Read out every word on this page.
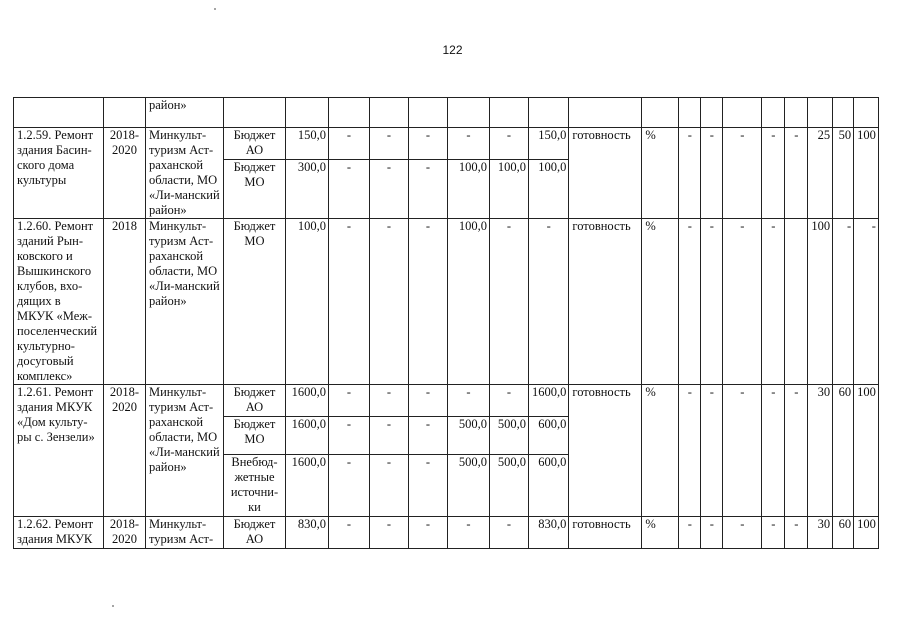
122
		район»																		
1.2.59. Ремонт здания Басин-ского дома культуры	2018-2020	Минкульт-туризм Аст-раханской области, МО «Ли-манский район»	Бюджет АО	150,0	-	-	-	-	-	150,0	готовность	%	-	-	-	-	-	25	50	100
			Бюджет МО	300,0	-	-	-	100,0	100,0	100,0										
1.2.60. Ремонт зданий Рын-ковского и Вышкинского клубов, вхо-дящих в МКУК «Меж-поселенческий культурно-досуговый комплекс»	2018	Минкульт-туризм Аст-раханской области, МО «Ли-манский район»	Бюджет МО	100,0	-	-	-	100,0	-	-	готовность	%	-	-	-	-		100	-	-
1.2.61. Ремонт здания МКУК «Дом культу-ры с. Зензели»	2018-2020	Минкульт-туризм Аст-раханской области, МО «Ли-манский район»	Бюджет АО	1600,0	-	-	-	-	-	1600,0	готовность	%	-	-	-	-	-	30	60	100
			Бюджет МО	1600,0	-	-	-	500,0	500,0	600,0										
			Внебюд-жетные источни-ки	1600,0	-	-	-	500,0	500,0	600,0										
1.2.62. Ремонт здания МКУК	2018-2020	Минкульт-туризм Аст-	Бюджет АО	830,0	-	-	-	-	-	830,0	готовность	%	-	-	-	-	-	30	60	100
